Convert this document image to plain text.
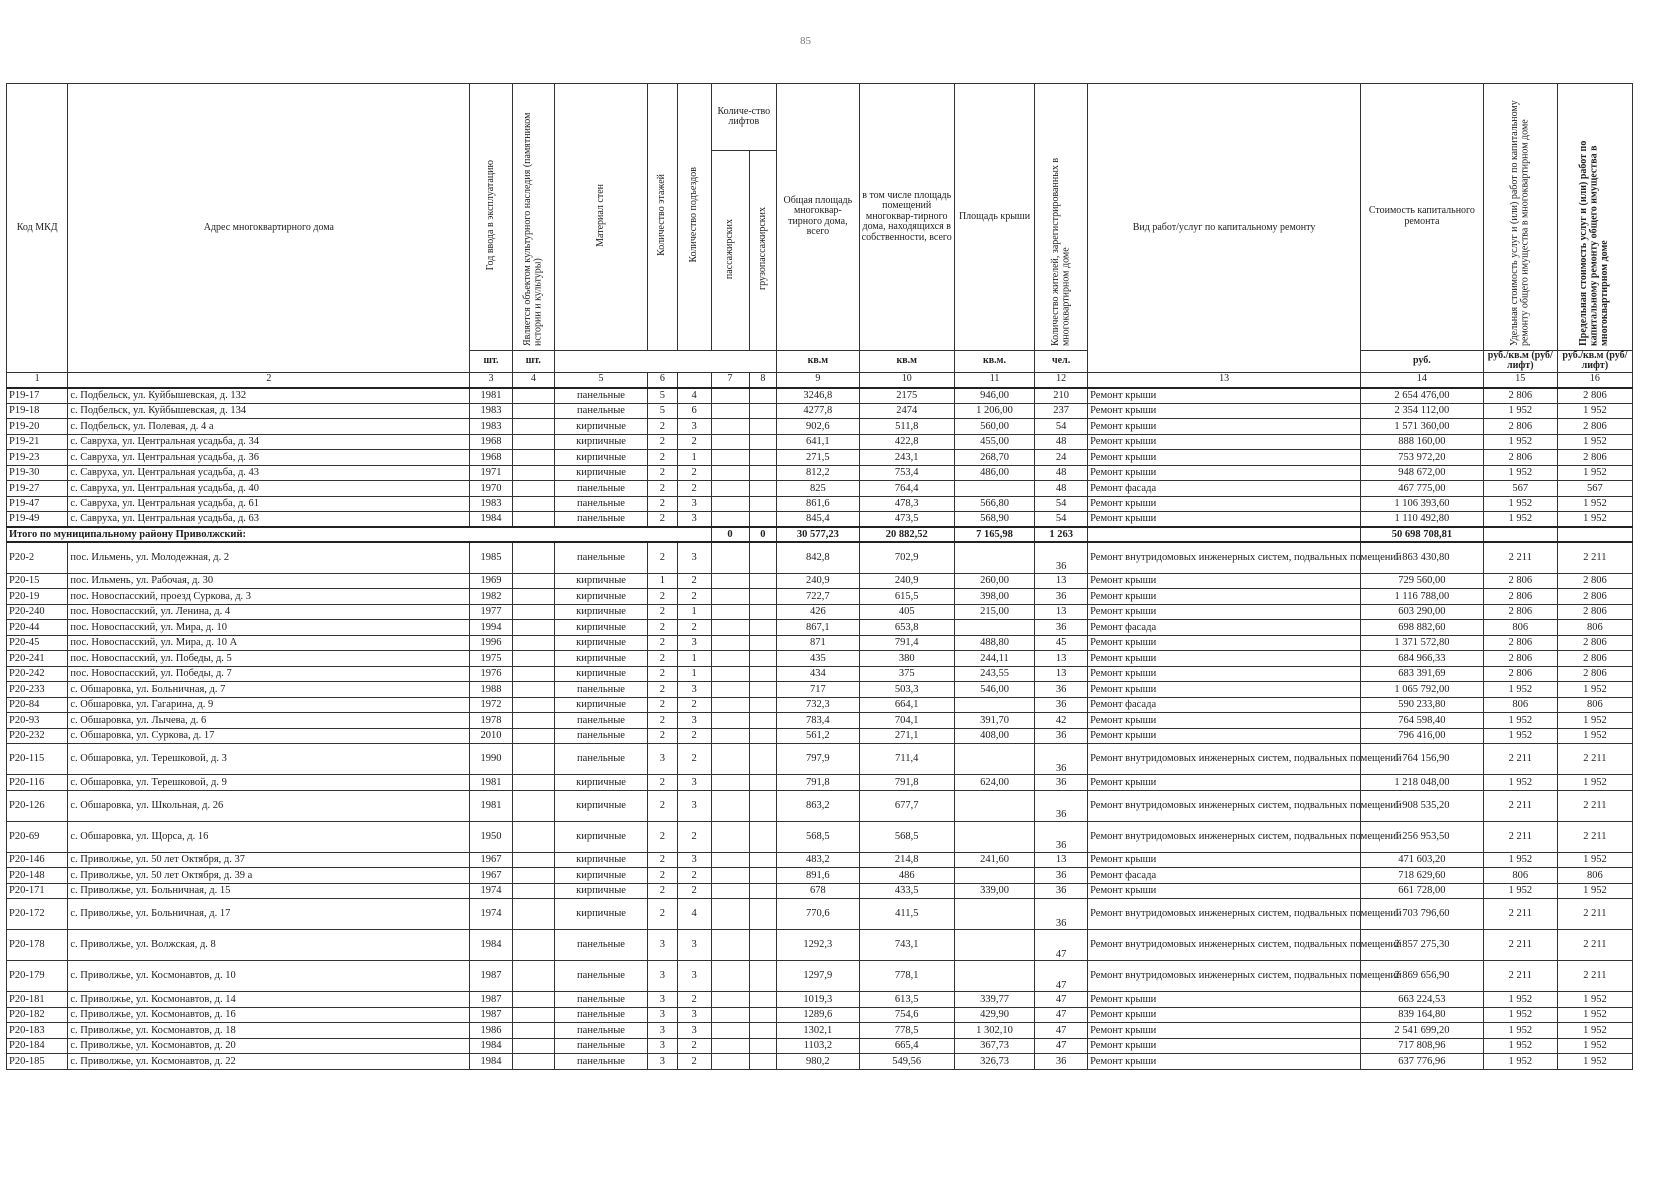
85
Код МКД	Адрес многоквартирного дома	Год ввода в эксплуатацию	Является объектом культурного наследия (памятником истории и культуры)	Материал стен	Количество этажей	Количество подъездов	Количе-ство лифтов		Общая площадь многоквар-тирного дома, всего	в том числе площадь помещений многоквар-тирного дома, находящихся в собственности, всего	Площадь крыши	Количество жителей, зарегистрированных в многоквартирном доме	Вид работ/услуг по капитальному ремонту	Стоимость капитального ремонта	Удельная стоимость услуг и (или) работ по капитальному ремонту общего имущества в многоквартирном доме	Предельная стоимость услуг и (или) работ по капитальному ремонту общего имущества в многоквартирном доме
							пассажирских	грузопассажирских								
		шт.	шт.						кв.м	кв.м	кв.м.	чел.		руб.	руб./кв.м (руб/лифт)	руб./кв.м (руб/лифт)
1	2	3	4	5	6		7	8	9	10	11	12	13	14	15	16
Р19-17	с. Подбельск, ул. Куйбышевская, д. 132	1981		панельные	5	4			3246,8	2175	946,00	210	Ремонт крыши	2 654 476,00	2 806	2 806
Р19-18	с. Подбельск, ул. Куйбышевская, д. 134	1983		панельные	5	6			4277,8	2474	1 206,00	237	Ремонт крыши	2 354 112,00	1 952	1 952
Р19-20	с. Подбельск, ул. Полевая, д. 4 а	1983		кирпичные	2	3			902,6	511,8	560,00	54	Ремонт крыши	1 571 360,00	2 806	2 806
Р19-21	с. Савруха, ул. Центральная усадьба, д. 34	1968		кирпичные	2	2			641,1	422,8	455,00	48	Ремонт крыши	888 160,00	1 952	1 952
Р19-23	с. Савруха, ул. Центральная усадьба, д. 36	1968		кирпичные	2	1			271,5	243,1	268,70	24	Ремонт крыши	753 972,20	2 806	2 806
Р19-30	с. Савруха, ул. Центральная усадьба, д. 43	1971		кирпичные	2	2			812,2	753,4	486,00	48	Ремонт крыши	948 672,00	1 952	1 952
Р19-27	с. Савруха, ул. Центральная усадьба, д. 40	1970		панельные	2	2			825	764,4		48	Ремонт фасада	467 775,00	567	567
Р19-47	с. Савруха, ул. Центральная усадьба, д. 61	1983		панельные	2	3			861,6	478,3	566,80	54	Ремонт крыши	1 106 393,60	1 952	1 952
Р19-49	с. Савруха, ул. Центральная усадьба, д. 63	1984		панельные	2	3			845,4	473,5	568,90	54	Ремонт крыши	1 110 492,80	1 952	1 952
Итого по муниципальному району Приволжский:							0	0	30 577,23	20 882,52	7 165,98	1 263		50 698 708,81		
Р20-2	пос. Ильмень, ул. Молодежная, д. 2	1985		панельные	2	3			842,8	702,9		36	Ремонт внутридомовых инженерных систем, подвальных помещений	1 863 430,80	2 211	2 211
Р20-15	пос. Ильмень, ул. Рабочая, д. 30	1969		кирпичные	1	2			240,9	240,9	260,00	13	Ремонт крыши	729 560,00	2 806	2 806
Р20-19	пос. Новоспасский, проезд Суркова, д. 3	1982		кирпичные	2	2			722,7	615,5	398,00	36	Ремонт крыши	1 116 788,00	2 806	2 806
Р20-240	пос. Новоспасский, ул. Ленина, д. 4	1977		кирпичные	2	1			426	405	215,00	13	Ремонт крыши	603 290,00	2 806	2 806
Р20-44	пос. Новоспасский, ул. Мира, д. 10	1994		кирпичные	2	2			867,1	653,8		36	Ремонт фасада	698 882,60	806	806
Р20-45	пос. Новоспасский, ул. Мира, д. 10 А	1996		кирпичные	2	3			871	791,4	488,80	45	Ремонт крыши	1 371 572,80	2 806	2 806
Р20-241	пос. Новоспасский, ул. Победы, д. 5	1975		кирпичные	2	1			435	380	244,11	13	Ремонт крыши	684 966,33	2 806	2 806
Р20-242	пос. Новоспасский, ул. Победы, д. 7	1976		кирпичные	2	1			434	375	243,55	13	Ремонт крыши	683 391,69	2 806	2 806
Р20-233	с. Обшаровка, ул. Больничная, д. 7	1988		панельные	2	3			717	503,3	546,00	36	Ремонт крыши	1 065 792,00	1 952	1 952
Р20-84	с. Обшаровка, ул. Гагарина, д. 9	1972		кирпичные	2	2			732,3	664,1		36	Ремонт фасада	590 233,80	806	806
Р20-93	с. Обшаровка, ул. Лычева, д. 6	1978		панельные	2	3			783,4	704,1	391,70	42	Ремонт крыши	764 598,40	1 952	1 952
Р20-232	с. Обшаровка, ул. Суркова, д. 17	2010		панельные	2	2			561,2	271,1	408,00	36	Ремонт крыши	796 416,00	1 952	1 952
Р20-115	с. Обшаровка, ул. Терешковой, д. 3	1990		панельные	3	2			797,9	711,4		36	Ремонт внутридомовых инженерных систем, подвальных помещений	1 764 156,90	2 211	2 211
Р20-116	с. Обшаровка, ул. Терешковой, д. 9	1981		кирпичные	2	3			791,8	791,8	624,00	36	Ремонт крыши	1 218 048,00	1 952	1 952
Р20-126	с. Обшаровка, ул. Школьная, д. 26	1981		кирпичные	2	3			863,2	677,7		36	Ремонт внутридомовых инженерных систем, подвальных помещений	1 908 535,20	2 211	2 211
Р20-69	с. Обшаровка, ул. Щорса, д. 16	1950		кирпичные	2	2			568,5	568,5		36	Ремонт внутридомовых инженерных систем, подвальных помещений	1 256 953,50	2 211	2 211
Р20-146	с. Приволжье, ул. 50 лет Октября, д. 37	1967		кирпичные	2	3			483,2	214,8	241,60	13	Ремонт крыши	471 603,20	1 952	1 952
Р20-148	с. Приволжье, ул. 50 лет Октября, д. 39 а	1967		кирпичные	2	2			891,6	486		36	Ремонт фасада	718 629,60	806	806
Р20-171	с. Приволжье, ул. Больничная, д. 15	1974		кирпичные	2	2			678	433,5	339,00	36	Ремонт крыши	661 728,00	1 952	1 952
Р20-172	с. Приволжье, ул. Больничная, д. 17	1974		кирпичные	2	4			770,6	411,5		36	Ремонт внутридомовых инженерных систем, подвальных помещений	1 703 796,60	2 211	2 211
Р20-178	с. Приволжье, ул. Волжская, д. 8	1984		панельные	3	3			1292,3	743,1		47	Ремонт внутридомовых инженерных систем, подвальных помещений	2 857 275,30	2 211	2 211
Р20-179	с. Приволжье, ул. Космонавтов, д. 10	1987		панельные	3	3			1297,9	778,1		47	Ремонт внутридомовых инженерных систем, подвальных помещений	2 869 656,90	2 211	2 211
Р20-181	с. Приволжье, ул. Космонавтов, д. 14	1987		панельные	3	2			1019,3	613,5	339,77	47	Ремонт крыши	663 224,53	1 952	1 952
Р20-182	с. Приволжье, ул. Космонавтов, д. 16	1987		панельные	3	3			1289,6	754,6	429,90	47	Ремонт крыши	839 164,80	1 952	1 952
Р20-183	с. Приволжье, ул. Космонавтов, д. 18	1986		панельные	3	3			1302,1	778,5	1 302,10	47	Ремонт крыши	2 541 699,20	1 952	1 952
Р20-184	с. Приволжье, ул. Космонавтов, д. 20	1984		панельные	3	2			1103,2	665,4	367,73	47	Ремонт крыши	717 808,96	1 952	1 952
Р20-185	с. Приволжье, ул. Космонавтов, д. 22	1984		панельные	3	2			980,2	549,56	326,73	36	Ремонт крыши	637 776,96	1 952	1 952
